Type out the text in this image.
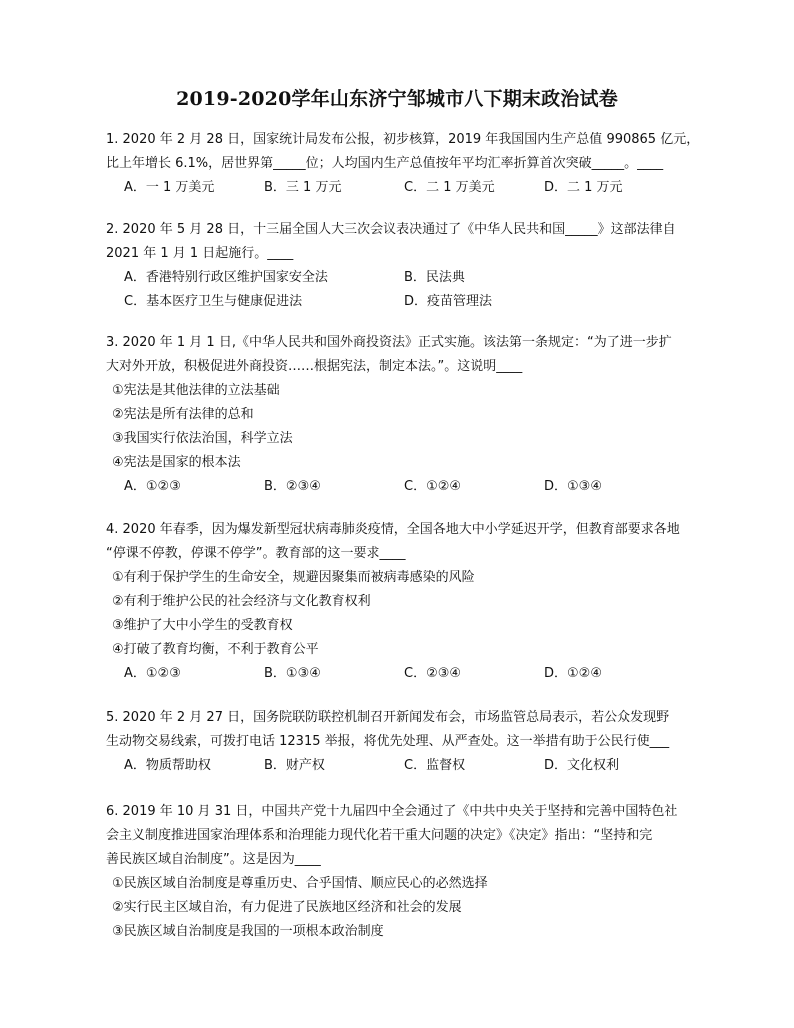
2019-2020学年山东济宁邹城市八下期末政治试卷
1. 2020 年 2 月 28 日，国家统计局发布公报，初步核算，2019 年我国国内生产总值 990865 亿元，
比上年增长 6.1%，居世界第_____位；人均国内生产总值按年平均汇率折算首次突破_____。____
A．一 1 万美元	B．三 1 万元	C．二 1 万美元	D．二 1 万元
2. 2020 年 5 月 28 日，十三届全国人大三次会议表决通过了《中华人民共和国_____》这部法律自
2021 年 1 月 1 日起施行。____
A．香港特别行政区维护国家安全法	B．民法典
C．基本医疗卫生与健康促进法	D．疫苗管理法
3. 2020 年 1 月 1 日,《中华人民共和国外商投资法》正式实施。该法第一条规定：“为了进一步扩
大对外开放，积极促进外商投资……根据宪法，制定本法。”。这说明____
①宪法是其他法律的立法基础
②宪法是所有法律的总和
③我国实行依法治国，科学立法
④宪法是国家的根本法
A．①②③	B．②③④	C．①②④	D．①③④
4. 2020 年春季，因为爆发新型冠状病毒肺炎疫情，全国各地大中小学延迟开学，但教育部要求各地
“停课不停教，停课不停学”。教育部的这一要求____
①有利于保护学生的生命安全，规避因聚集而被病毒感染的风险
②有利于维护公民的社会经济与文化教育权利
③维护了大中小学生的受教育权
④打破了教育均衡，不利于教育公平
A．①②③	B．①③④	C．②③④	D．①②④
5. 2020 年 2 月 27 日，国务院联防联控机制召开新闻发布会，市场监管总局表示，若公众发现野
生动物交易线索，可拨打电话 12315 举报，将优先处理、从严查处。这一举措有助于公民行使___
A．物质帮助权	B．财产权	C．监督权	D．文化权利
6. 2019 年 10 月 31 日，中国共产党十九届四中全会通过了《中共中央关于坚持和完善中国特色社
会主义制度推进国家治理体系和治理能力现代化若干重大问题的决定》《决定》指出：“坚持和完
善民族区域自治制度”。这是因为____
①民族区域自治制度是尊重历史、合乎国情、顺应民心的必然选择
②实行民主区域自治，有力促进了民族地区经济和社会的发展
③民族区域自治制度是我国的一项根本政治制度
